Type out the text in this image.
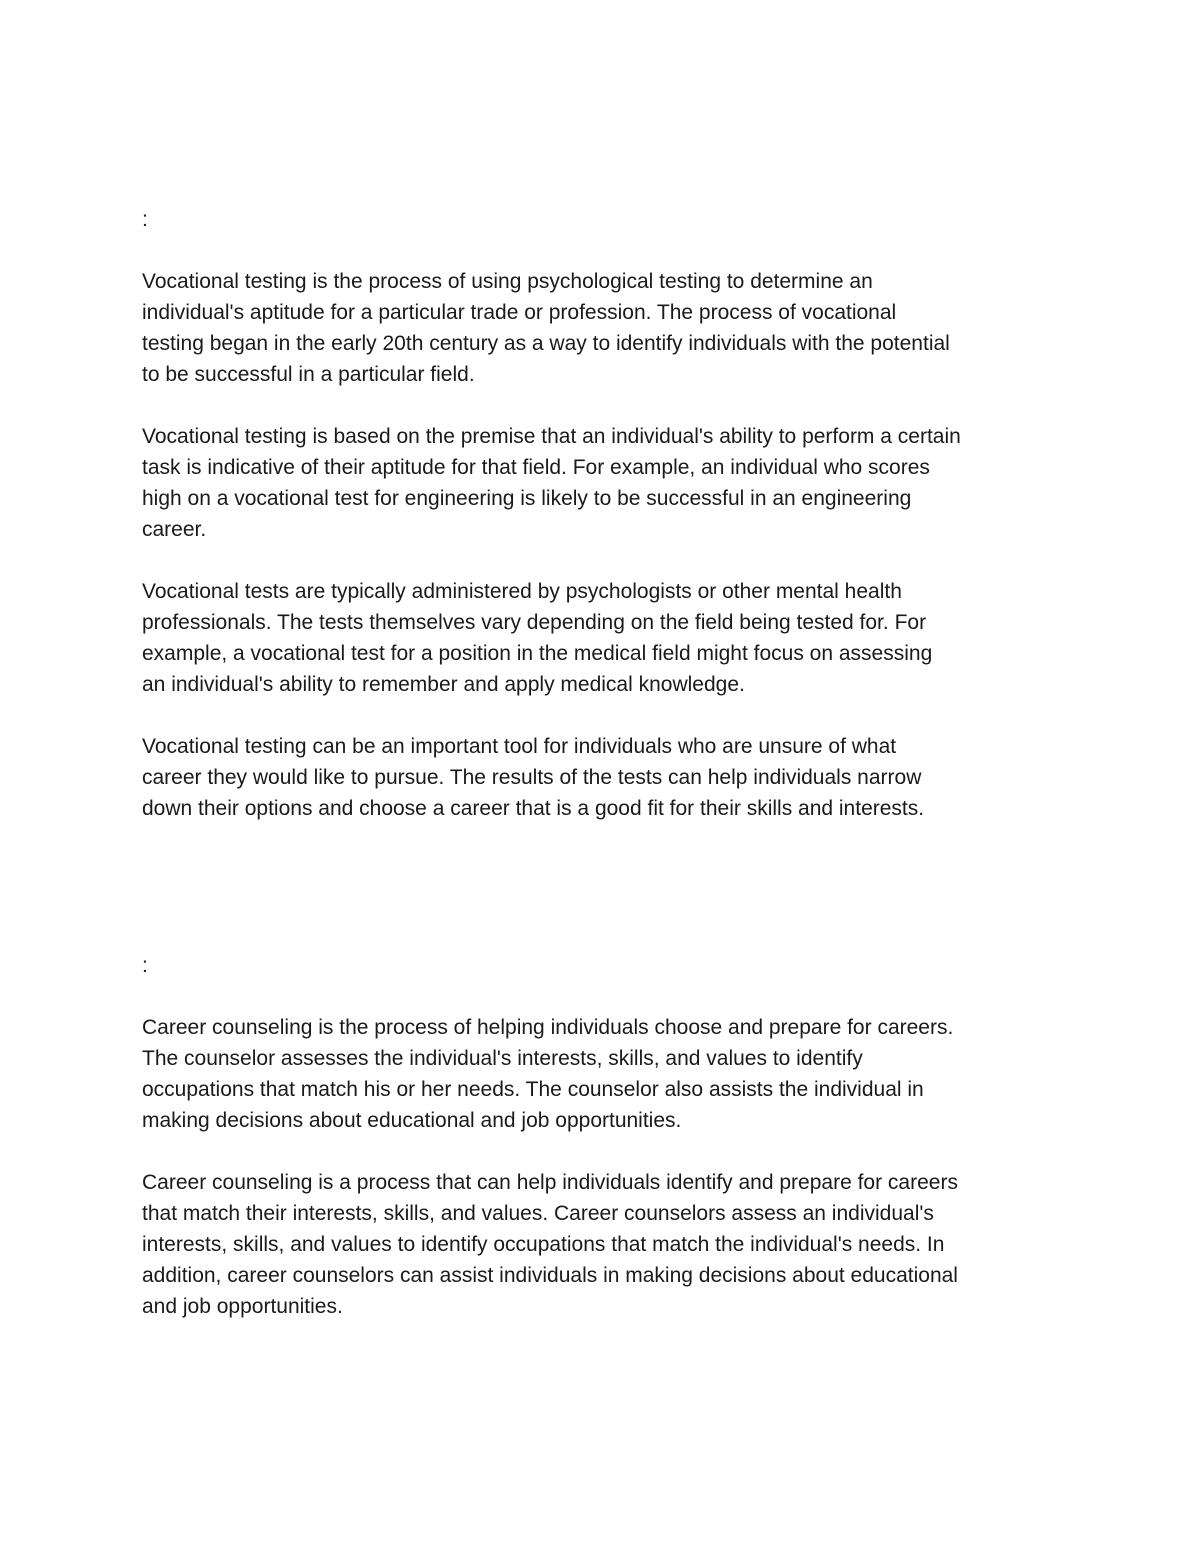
:

Vocational testing is the process of using psychological testing to determine an
individual's aptitude for a particular trade or profession. The process of vocational
testing began in the early 20th century as a way to identify individuals with the potential
to be successful in a particular field.

Vocational testing is based on the premise that an individual's ability to perform a certain
task is indicative of their aptitude for that field. For example, an individual who scores
high on a vocational test for engineering is likely to be successful in an engineering
career.

Vocational tests are typically administered by psychologists or other mental health
professionals. The tests themselves vary depending on the field being tested for. For
example, a vocational test for a position in the medical field might focus on assessing
an individual's ability to remember and apply medical knowledge.

Vocational testing can be an important tool for individuals who are unsure of what
career they would like to pursue. The results of the tests can help individuals narrow
down their options and choose a career that is a good fit for their skills and interests.

:

Career counseling is the process of helping individuals choose and prepare for careers.
The counselor assesses the individual's interests, skills, and values to identify
occupations that match his or her needs. The counselor also assists the individual in
making decisions about educational and job opportunities.

Career counseling is a process that can help individuals identify and prepare for careers
that match their interests, skills, and values. Career counselors assess an individual's
interests, skills, and values to identify occupations that match the individual's needs. In
addition, career counselors can assist individuals in making decisions about educational
and job opportunities.
